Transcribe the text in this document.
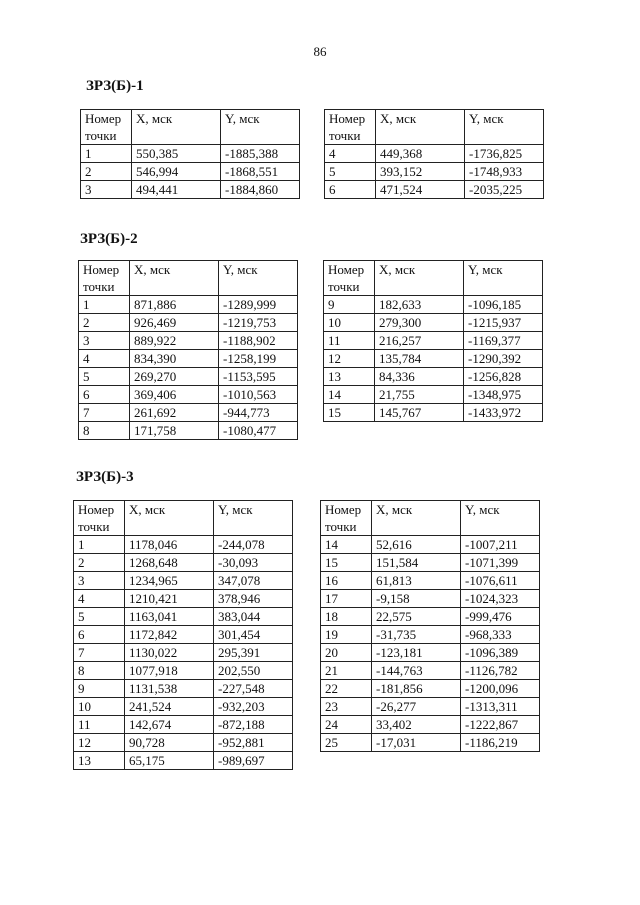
86
ЗРЗ(Б)-1
Номер точки	X, мск	Y, мск

1	550,385	-1885,388
2	546,994	-1868,551
3	494,441	-1884,860
Номер точки	X, мск	Y, мск

4	449,368	-1736,825
5	393,152	-1748,933
6	471,524	-2035,225
ЗРЗ(Б)-2
Номер точки	X, мск	Y, мск

1	871,886	-1289,999
2	926,469	-1219,753
3	889,922	-1188,902
4	834,390	-1258,199
5	269,270	-1153,595
6	369,406	-1010,563
7	261,692	-944,773
8	171,758	-1080,477
Номер точки	X, мск	Y, мск

9	182,633	-1096,185
10	279,300	-1215,937
11	216,257	-1169,377
12	135,784	-1290,392
13	84,336	-1256,828
14	21,755	-1348,975
15	145,767	-1433,972
ЗРЗ(Б)-3
Номер точки	X, мск	Y, мск

1	1178,046	-244,078
2	1268,648	-30,093
3	1234,965	347,078
4	1210,421	378,946
5	1163,041	383,044
6	1172,842	301,454
7	1130,022	295,391
8	1077,918	202,550
9	1131,538	-227,548
10	241,524	-932,203
11	142,674	-872,188
12	90,728	-952,881
13	65,175	-989,697
Номер точки	X, мск	Y, мск

14	52,616	-1007,211
15	151,584	-1071,399
16	61,813	-1076,611
17	-9,158	-1024,323
18	22,575	-999,476
19	-31,735	-968,333
20	-123,181	-1096,389
21	-144,763	-1126,782
22	-181,856	-1200,096
23	-26,277	-1313,311
24	33,402	-1222,867
25	-17,031	-1186,219
